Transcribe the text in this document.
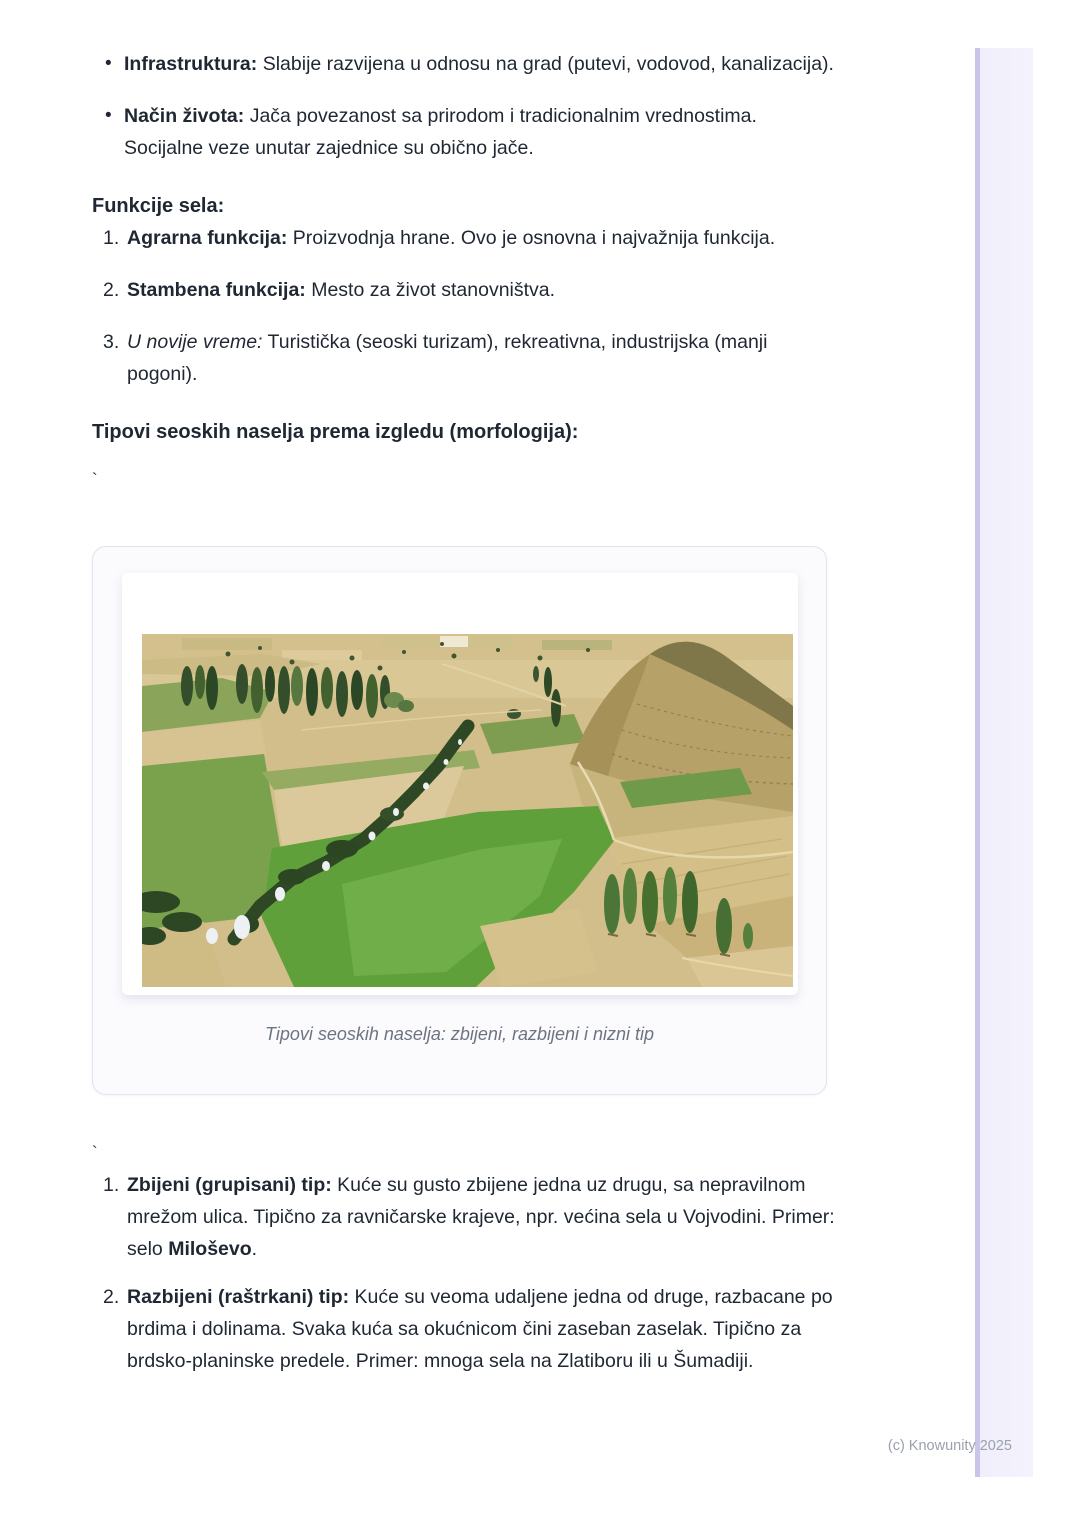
• Infrastruktura: Slabije razvijena u odnosu na grad (putevi, vodovod, kanalizacija).
• Način života: Jača povezanost sa prirodom i tradicionalnim vrednostima. Socijalne veze unutar zajednice su obično jače.
Funkcije sela:
1. Agrarna funkcija: Proizvodnja hrane. Ovo je osnovna i najvažnija funkcija.
2. Stambena funkcija: Mesto za život stanovništva.
3. U novije vreme: Turistička (seoski turizam), rekreativna, industrijska (manji pogoni).
Tipovi seoskih naselja prema izgledu (morfologija):
`
Tipovi seoskih naselja: zbijeni, razbijeni i nizni tip
`
1. Zbijeni (grupisani) tip: Kuće su gusto zbijene jedna uz drugu, sa nepravilnom mrežom ulica. Tipično za ravničarske krajeve, npr. većina sela u Vojvodini. Primer: selo Miloševo.
2. Razbijeni (raštrkani) tip: Kuće su veoma udaljene jedna od druge, razbacane po brdima i dolinama. Svaka kuća sa okućnicom čini zaseban zaselak. Tipično za brdsko-planinske predele. Primer: mnoga sela na Zlatiboru ili u Šumadiji.
(c) Knowunity 2025
